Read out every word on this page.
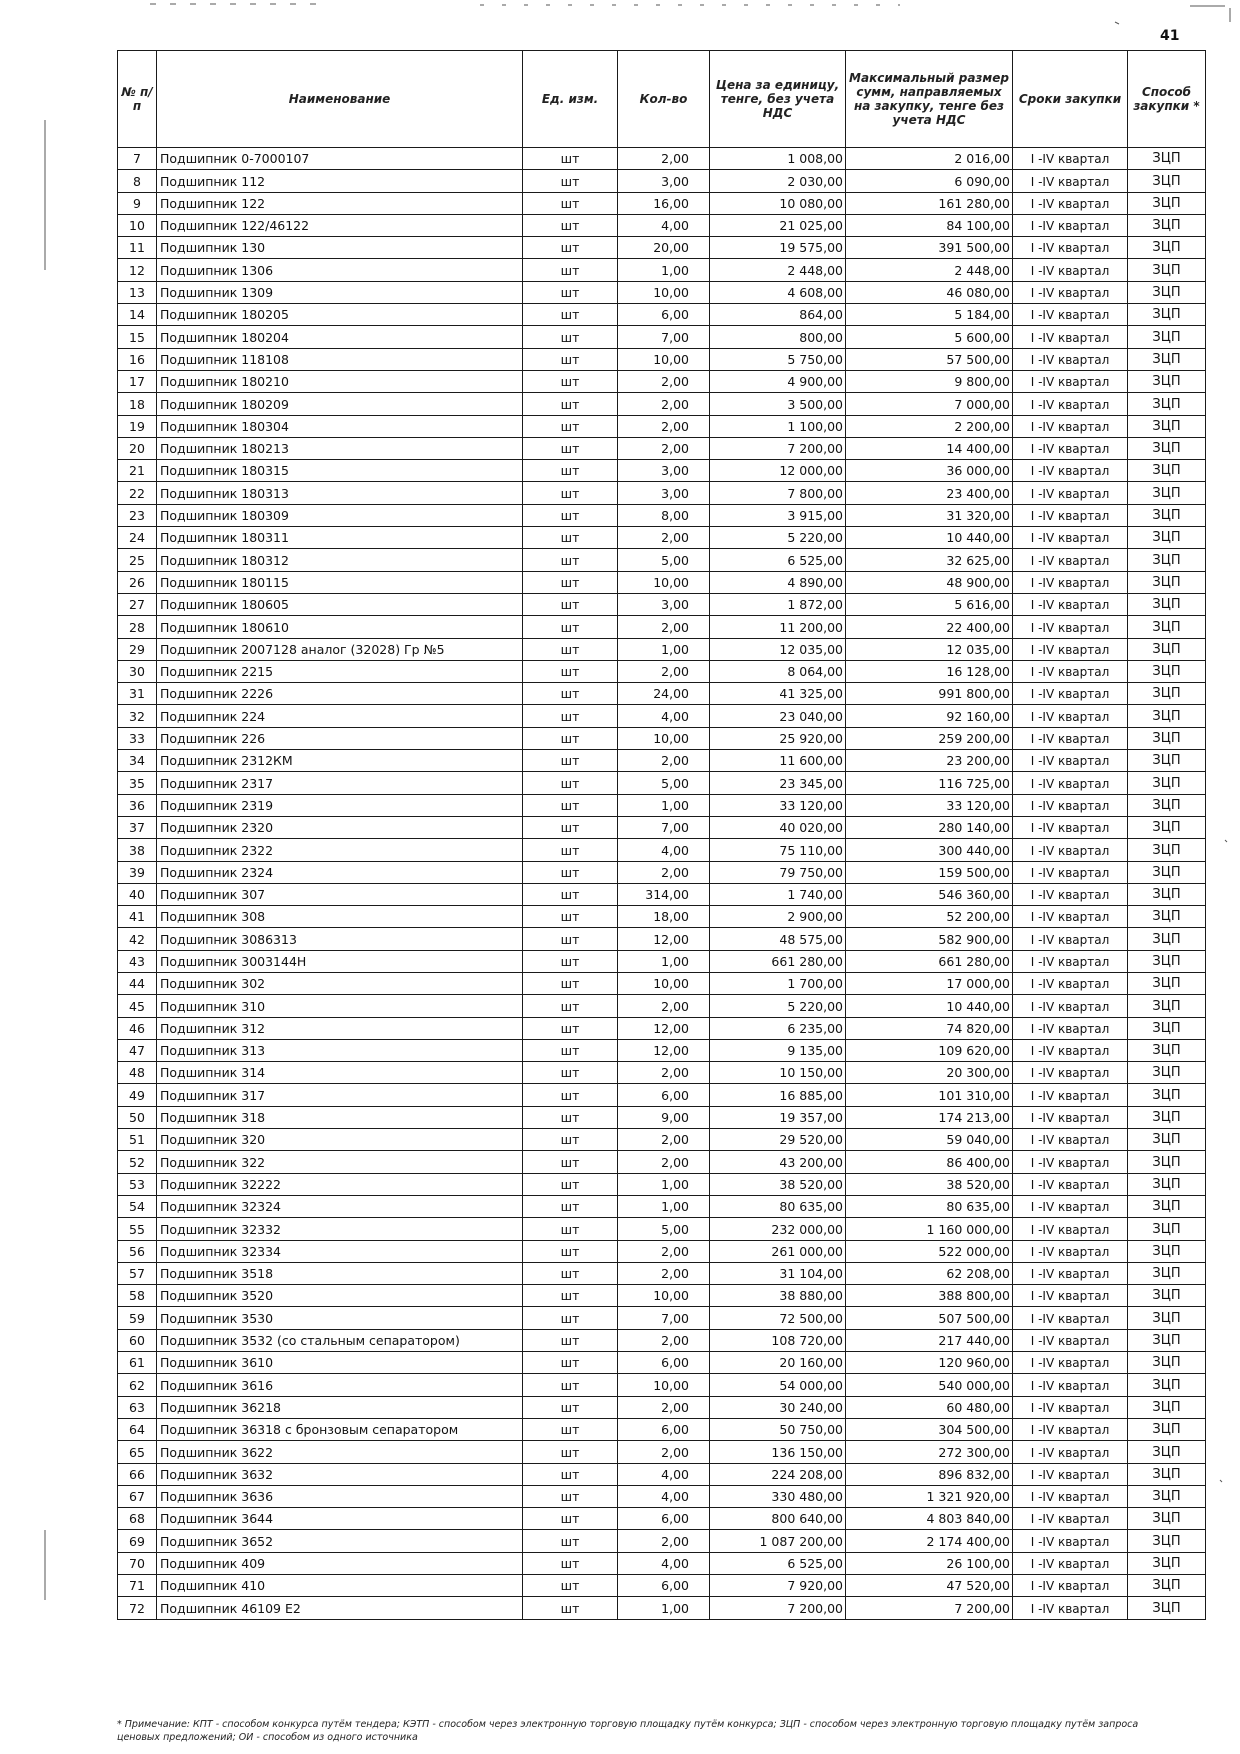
41
№ п/п	Наименование	Ед. изм.	Кол-во	Цена за единицу, тенге, без учета НДС	Максимальный размер сумм, направляемых на закупку, тенге без учета НДС	Сроки закупки	Способ закупки *
7	Подшипник 0-7000107	шт	2,00	1 008,00	2 016,00	I -IV квартал	ЗЦП
8	Подшипник 112	шт	3,00	2 030,00	6 090,00	I -IV квартал	ЗЦП
9	Подшипник 122	шт	16,00	10 080,00	161 280,00	I -IV квартал	ЗЦП
10	Подшипник 122/46122	шт	4,00	21 025,00	84 100,00	I -IV квартал	ЗЦП
11	Подшипник 130	шт	20,00	19 575,00	391 500,00	I -IV квартал	ЗЦП
12	Подшипник 1306	шт	1,00	2 448,00	2 448,00	I -IV квартал	ЗЦП
13	Подшипник 1309	шт	10,00	4 608,00	46 080,00	I -IV квартал	ЗЦП
14	Подшипник 180205	шт	6,00	864,00	5 184,00	I -IV квартал	ЗЦП
15	Подшипник 180204	шт	7,00	800,00	5 600,00	I -IV квартал	ЗЦП
16	Подшипник 118108	шт	10,00	5 750,00	57 500,00	I -IV квартал	ЗЦП
17	Подшипник 180210	шт	2,00	4 900,00	9 800,00	I -IV квартал	ЗЦП
18	Подшипник 180209	шт	2,00	3 500,00	7 000,00	I -IV квартал	ЗЦП
19	Подшипник 180304	шт	2,00	1 100,00	2 200,00	I -IV квартал	ЗЦП
20	Подшипник 180213	шт	2,00	7 200,00	14 400,00	I -IV квартал	ЗЦП
21	Подшипник 180315	шт	3,00	12 000,00	36 000,00	I -IV квартал	ЗЦП
22	Подшипник 180313	шт	3,00	7 800,00	23 400,00	I -IV квартал	ЗЦП
23	Подшипник 180309	шт	8,00	3 915,00	31 320,00	I -IV квартал	ЗЦП
24	Подшипник 180311	шт	2,00	5 220,00	10 440,00	I -IV квартал	ЗЦП
25	Подшипник 180312	шт	5,00	6 525,00	32 625,00	I -IV квартал	ЗЦП
26	Подшипник 180115	шт	10,00	4 890,00	48 900,00	I -IV квартал	ЗЦП
27	Подшипник 180605	шт	3,00	1 872,00	5 616,00	I -IV квартал	ЗЦП
28	Подшипник 180610	шт	2,00	11 200,00	22 400,00	I -IV квартал	ЗЦП
29	Подшипник 2007128 аналог (32028) Гр №5	шт	1,00	12 035,00	12 035,00	I -IV квартал	ЗЦП
30	Подшипник 2215	шт	2,00	8 064,00	16 128,00	I -IV квартал	ЗЦП
31	Подшипник 2226	шт	24,00	41 325,00	991 800,00	I -IV квартал	ЗЦП
32	Подшипник 224	шт	4,00	23 040,00	92 160,00	I -IV квартал	ЗЦП
33	Подшипник 226	шт	10,00	25 920,00	259 200,00	I -IV квартал	ЗЦП
34	Подшипник 2312КМ	шт	2,00	11 600,00	23 200,00	I -IV квартал	ЗЦП
35	Подшипник 2317	шт	5,00	23 345,00	116 725,00	I -IV квартал	ЗЦП
36	Подшипник 2319	шт	1,00	33 120,00	33 120,00	I -IV квартал	ЗЦП
37	Подшипник 2320	шт	7,00	40 020,00	280 140,00	I -IV квартал	ЗЦП
38	Подшипник 2322	шт	4,00	75 110,00	300 440,00	I -IV квартал	ЗЦП
39	Подшипник 2324	шт	2,00	79 750,00	159 500,00	I -IV квартал	ЗЦП
40	Подшипник 307	шт	314,00	1 740,00	546 360,00	I -IV квартал	ЗЦП
41	Подшипник 308	шт	18,00	2 900,00	52 200,00	I -IV квартал	ЗЦП
42	Подшипник 3086313	шт	12,00	48 575,00	582 900,00	I -IV квартал	ЗЦП
43	Подшипник 3003144Н	шт	1,00	661 280,00	661 280,00	I -IV квартал	ЗЦП
44	Подшипник 302	шт	10,00	1 700,00	17 000,00	I -IV квартал	ЗЦП
45	Подшипник 310	шт	2,00	5 220,00	10 440,00	I -IV квартал	ЗЦП
46	Подшипник 312	шт	12,00	6 235,00	74 820,00	I -IV квартал	ЗЦП
47	Подшипник 313	шт	12,00	9 135,00	109 620,00	I -IV квартал	ЗЦП
48	Подшипник 314	шт	2,00	10 150,00	20 300,00	I -IV квартал	ЗЦП
49	Подшипник 317	шт	6,00	16 885,00	101 310,00	I -IV квартал	ЗЦП
50	Подшипник 318	шт	9,00	19 357,00	174 213,00	I -IV квартал	ЗЦП
51	Подшипник 320	шт	2,00	29 520,00	59 040,00	I -IV квартал	ЗЦП
52	Подшипник 322	шт	2,00	43 200,00	86 400,00	I -IV квартал	ЗЦП
53	Подшипник 32222	шт	1,00	38 520,00	38 520,00	I -IV квартал	ЗЦП
54	Подшипник 32324	шт	1,00	80 635,00	80 635,00	I -IV квартал	ЗЦП
55	Подшипник 32332	шт	5,00	232 000,00	1 160 000,00	I -IV квартал	ЗЦП
56	Подшипник 32334	шт	2,00	261 000,00	522 000,00	I -IV квартал	ЗЦП
57	Подшипник 3518	шт	2,00	31 104,00	62 208,00	I -IV квартал	ЗЦП
58	Подшипник 3520	шт	10,00	38 880,00	388 800,00	I -IV квартал	ЗЦП
59	Подшипник 3530	шт	7,00	72 500,00	507 500,00	I -IV квартал	ЗЦП
60	Подшипник 3532 (со стальным сепаратором)	шт	2,00	108 720,00	217 440,00	I -IV квартал	ЗЦП
61	Подшипник 3610	шт	6,00	20 160,00	120 960,00	I -IV квартал	ЗЦП
62	Подшипник 3616	шт	10,00	54 000,00	540 000,00	I -IV квартал	ЗЦП
63	Подшипник 36218	шт	2,00	30 240,00	60 480,00	I -IV квартал	ЗЦП
64	Подшипник 36318 с бронзовым сепаратором	шт	6,00	50 750,00	304 500,00	I -IV квартал	ЗЦП
65	Подшипник 3622	шт	2,00	136 150,00	272 300,00	I -IV квартал	ЗЦП
66	Подшипник 3632	шт	4,00	224 208,00	896 832,00	I -IV квартал	ЗЦП
67	Подшипник 3636	шт	4,00	330 480,00	1 321 920,00	I -IV квартал	ЗЦП
68	Подшипник 3644	шт	6,00	800 640,00	4 803 840,00	I -IV квартал	ЗЦП
69	Подшипник 3652	шт	2,00	1 087 200,00	2 174 400,00	I -IV квартал	ЗЦП
70	Подшипник 409	шт	4,00	6 525,00	26 100,00	I -IV квартал	ЗЦП
71	Подшипник 410	шт	6,00	7 920,00	47 520,00	I -IV квартал	ЗЦП
72	Подшипник 46109 Е2	шт	1,00	7 200,00	7 200,00	I -IV квартал	ЗЦП
* Примечание: КПТ - способом конкурса путём тендера; КЭТП - способом через электронную торговую площадку путём конкурса; ЗЦП - способом через электронную торговую площадку путём запроса ценовых предложений; ОИ - способом из одного источника
